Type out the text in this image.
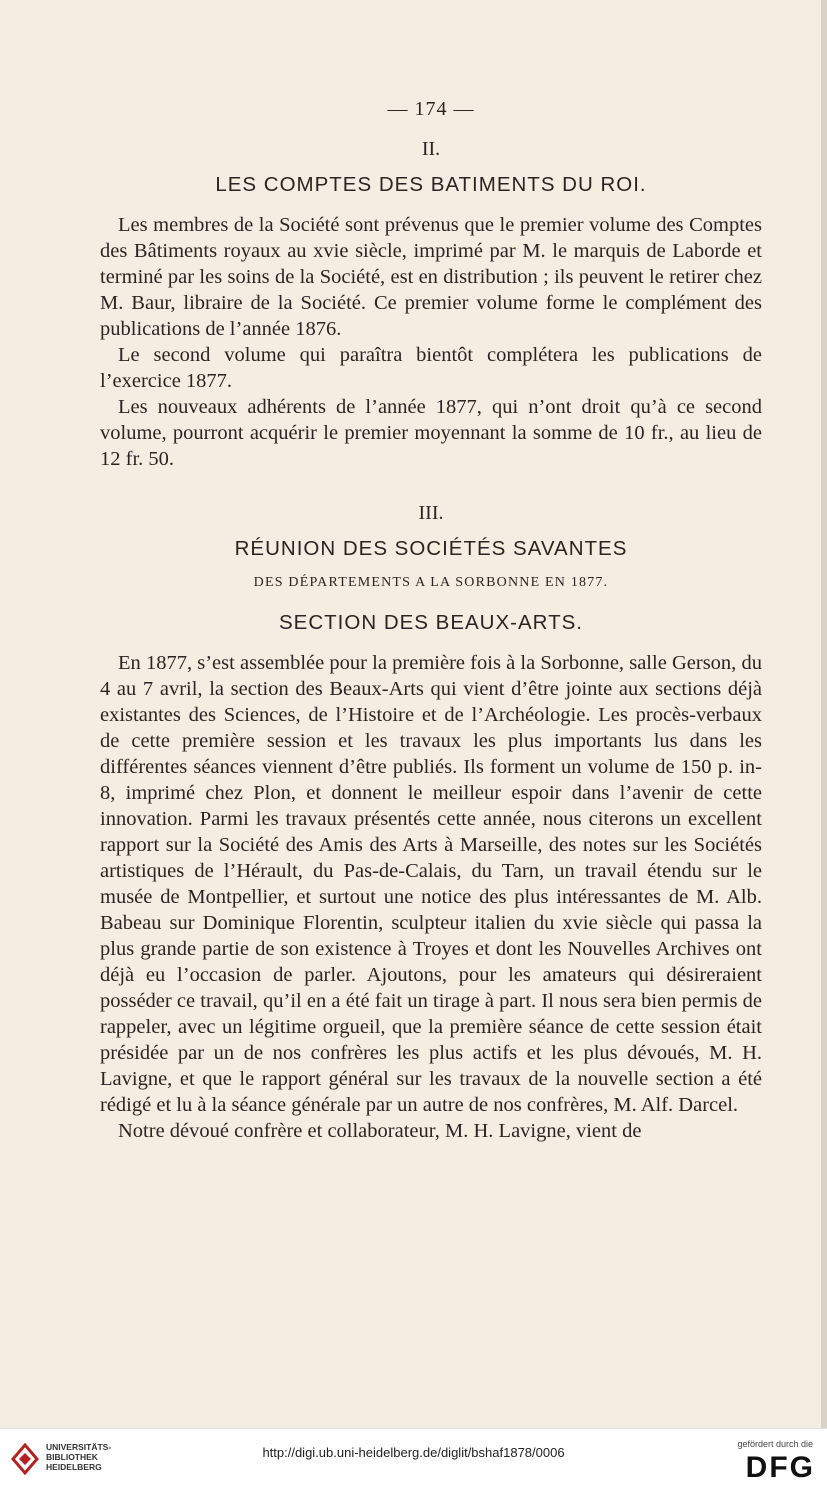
— 174 —
II.
LES COMPTES DES BATIMENTS DU ROI.

Les membres de la Société sont prévenus que le premier volume des Comptes des Bâtiments royaux au xvie siècle, imprimé par M. le marquis de Laborde et terminé par les soins de la Société, est en distribution ; ils peuvent le retirer chez M. Baur, libraire de la Société. Ce premier volume forme le complément des publications de l’année 1876.

Le second volume qui paraîtra bientôt complétera les publications de l’exercice 1877.

Les nouveaux adhérents de l’année 1877, qui n’ont droit qu’à ce second volume, pourront acquérir le premier moyennant la somme de 10 fr., au lieu de 12 fr. 50.

III.
RÉUNION DES SOCIÉTÉS SAVANTES
DES DÉPARTEMENTS A LA SORBONNE EN 1877.
SECTION DES BEAUX-ARTS.

En 1877, s’est assemblée pour la première fois à la Sorbonne, salle Gerson, du 4 au 7 avril, la section des Beaux-Arts qui vient d’être jointe aux sections déjà existantes des Sciences, de l’Histoire et de l’Archéologie. Les procès-verbaux de cette première session et les travaux les plus importants lus dans les différentes séances viennent d’être publiés. Ils forment un volume de 150 p. in-8, imprimé chez Plon, et donnent le meilleur espoir dans l’avenir de cette innovation. Parmi les travaux présentés cette année, nous citerons un excellent rapport sur la Société des Amis des Arts à Marseille, des notes sur les Sociétés artistiques de l’Hérault, du Pas-de-Calais, du Tarn, un travail étendu sur le musée de Montpellier, et surtout une notice des plus intéressantes de M. Alb. Babeau sur Dominique Florentin, sculpteur italien du xvie siècle qui passa la plus grande partie de son existence à Troyes et dont les Nouvelles Archives ont déjà eu l’occasion de parler. Ajoutons, pour les amateurs qui désireraient posséder ce travail, qu’il en a été fait un tirage à part. Il nous sera bien permis de rappeler, avec un légitime orgueil, que la première séance de cette session était présidée par un de nos confrères les plus actifs et les plus dévoués, M. H. Lavigne, et que le rapport général sur les travaux de la nouvelle section a été rédigé et lu à la séance générale par un autre de nos confrères, M. Alf. Darcel.

Notre dévoué confrère et collaborateur, M. H. Lavigne, vient de

UNIVERSITÄTS-
BIBLIOTHEK
HEIDELBERG
http://digi.ub.uni-heidelberg.de/diglit/bshaf1878/0006
gefördert durch die
DFG
